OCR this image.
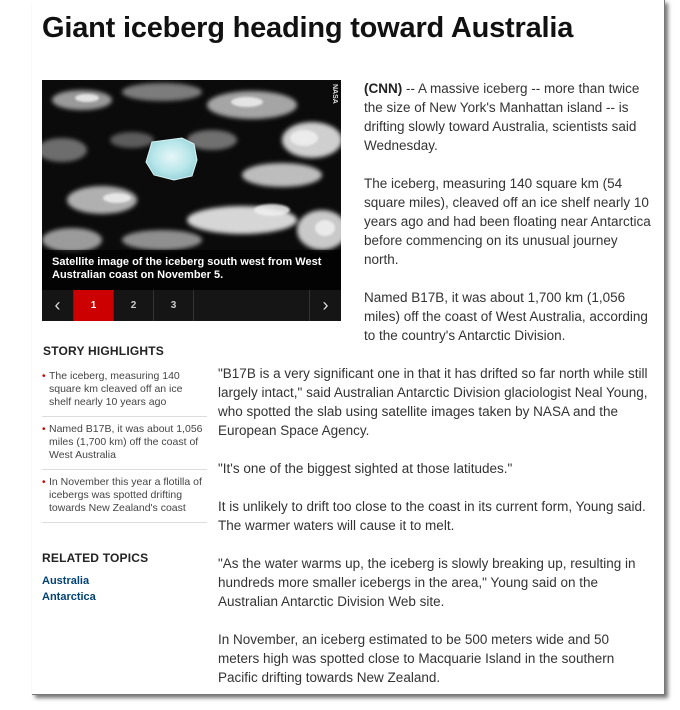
Giant iceberg heading toward Australia
Satellite image of the iceberg south west from West Australian coast on November 5.
NASA
‹	1	2	3	›
STORY HIGHLIGHTS
• The iceberg, measuring 140 square km cleaved off an ice shelf nearly 10 years ago
• Named B17B, it was about 1,056 miles (1,700 km) off the coast of West Australia
• In November this year a flotilla of icebergs was spotted drifting towards New Zealand's coast
RELATED TOPICS
Australia
Antarctica

(CNN) -- A massive iceberg -- more than twice the size of New York's Manhattan island -- is drifting slowly toward Australia, scientists said Wednesday.

The iceberg, measuring 140 square km (54 square miles), cleaved off an ice shelf nearly 10 years ago and had been floating near Antarctica before commencing on its unusual journey north.

Named B17B, it was about 1,700 km (1,056 miles) off the coast of West Australia, according to the country's Antarctic Division.

"B17B is a very significant one in that it has drifted so far north while still largely intact," said Australian Antarctic Division glaciologist Neal Young, who spotted the slab using satellite images taken by NASA and the European Space Agency.

"It's one of the biggest sighted at those latitudes."

It is unlikely to drift too close to the coast in its current form, Young said. The warmer waters will cause it to melt.

"As the water warms up, the iceberg is slowly breaking up, resulting in hundreds more smaller icebergs in the area," Young said on the Australian Antarctic Division Web site.

In November, an iceberg estimated to be 500 meters wide and 50 meters high was spotted close to Macquarie Island in the southern Pacific drifting towards New Zealand.
